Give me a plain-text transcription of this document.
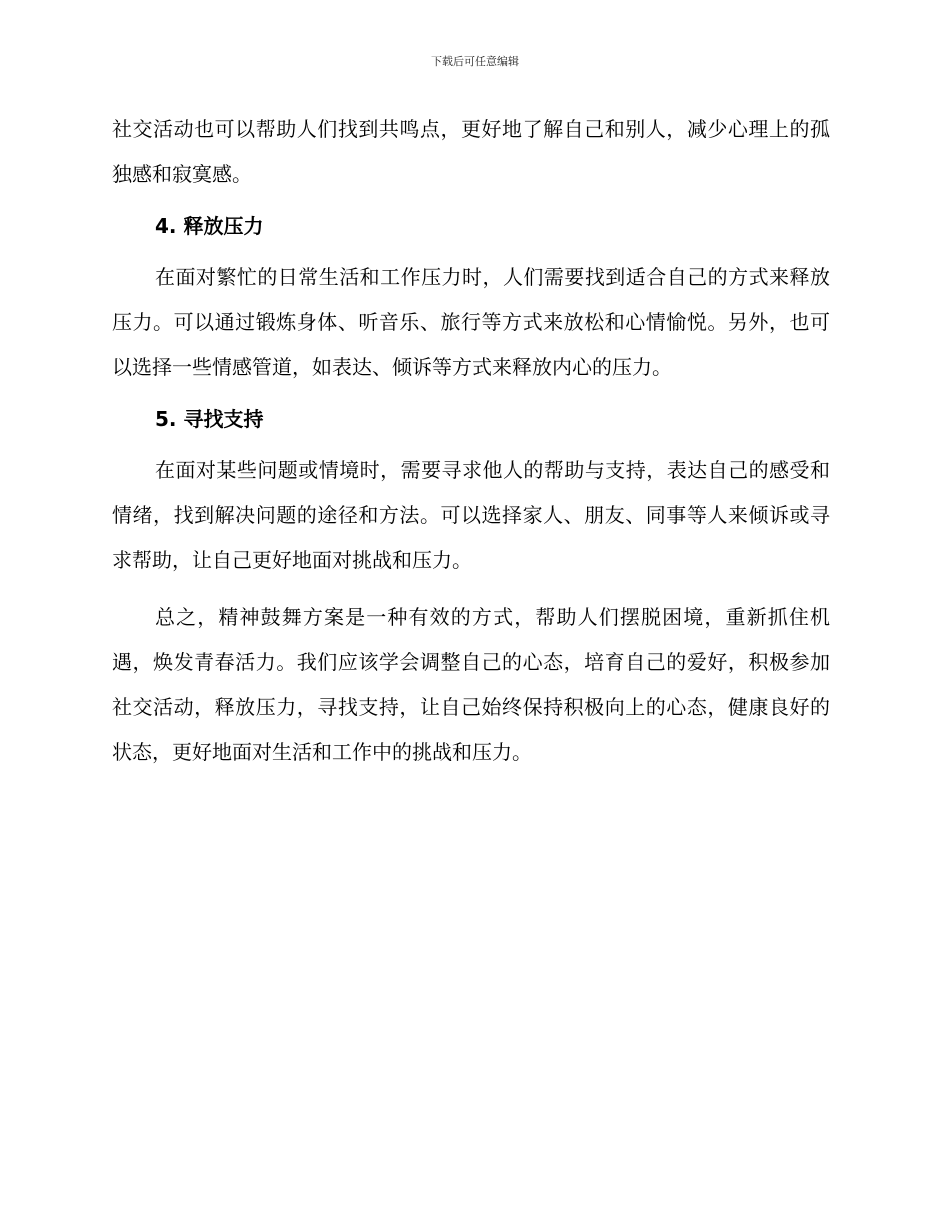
下载后可任意编辑

社交活动也可以帮助人们找到共鸣点，更好地了解自己和别人，减少心理上的孤独感和寂寞感。

4. 释放压力

在面对繁忙的日常生活和工作压力时，人们需要找到适合自己的方式来释放压力。可以通过锻炼身体、听音乐、旅行等方式来放松和心情愉悦。另外，也可以选择一些情感管道，如表达、倾诉等方式来释放内心的压力。

5. 寻找支持

在面对某些问题或情境时，需要寻求他人的帮助与支持，表达自己的感受和情绪，找到解决问题的途径和方法。可以选择家人、朋友、同事等人来倾诉或寻求帮助，让自己更好地面对挑战和压力。

总之，精神鼓舞方案是一种有效的方式，帮助人们摆脱困境，重新抓住机遇，焕发青春活力。我们应该学会调整自己的心态，培育自己的爱好，积极参加社交活动，释放压力，寻找支持，让自己始终保持积极向上的心态，健康良好的状态，更好地面对生活和工作中的挑战和压力。
